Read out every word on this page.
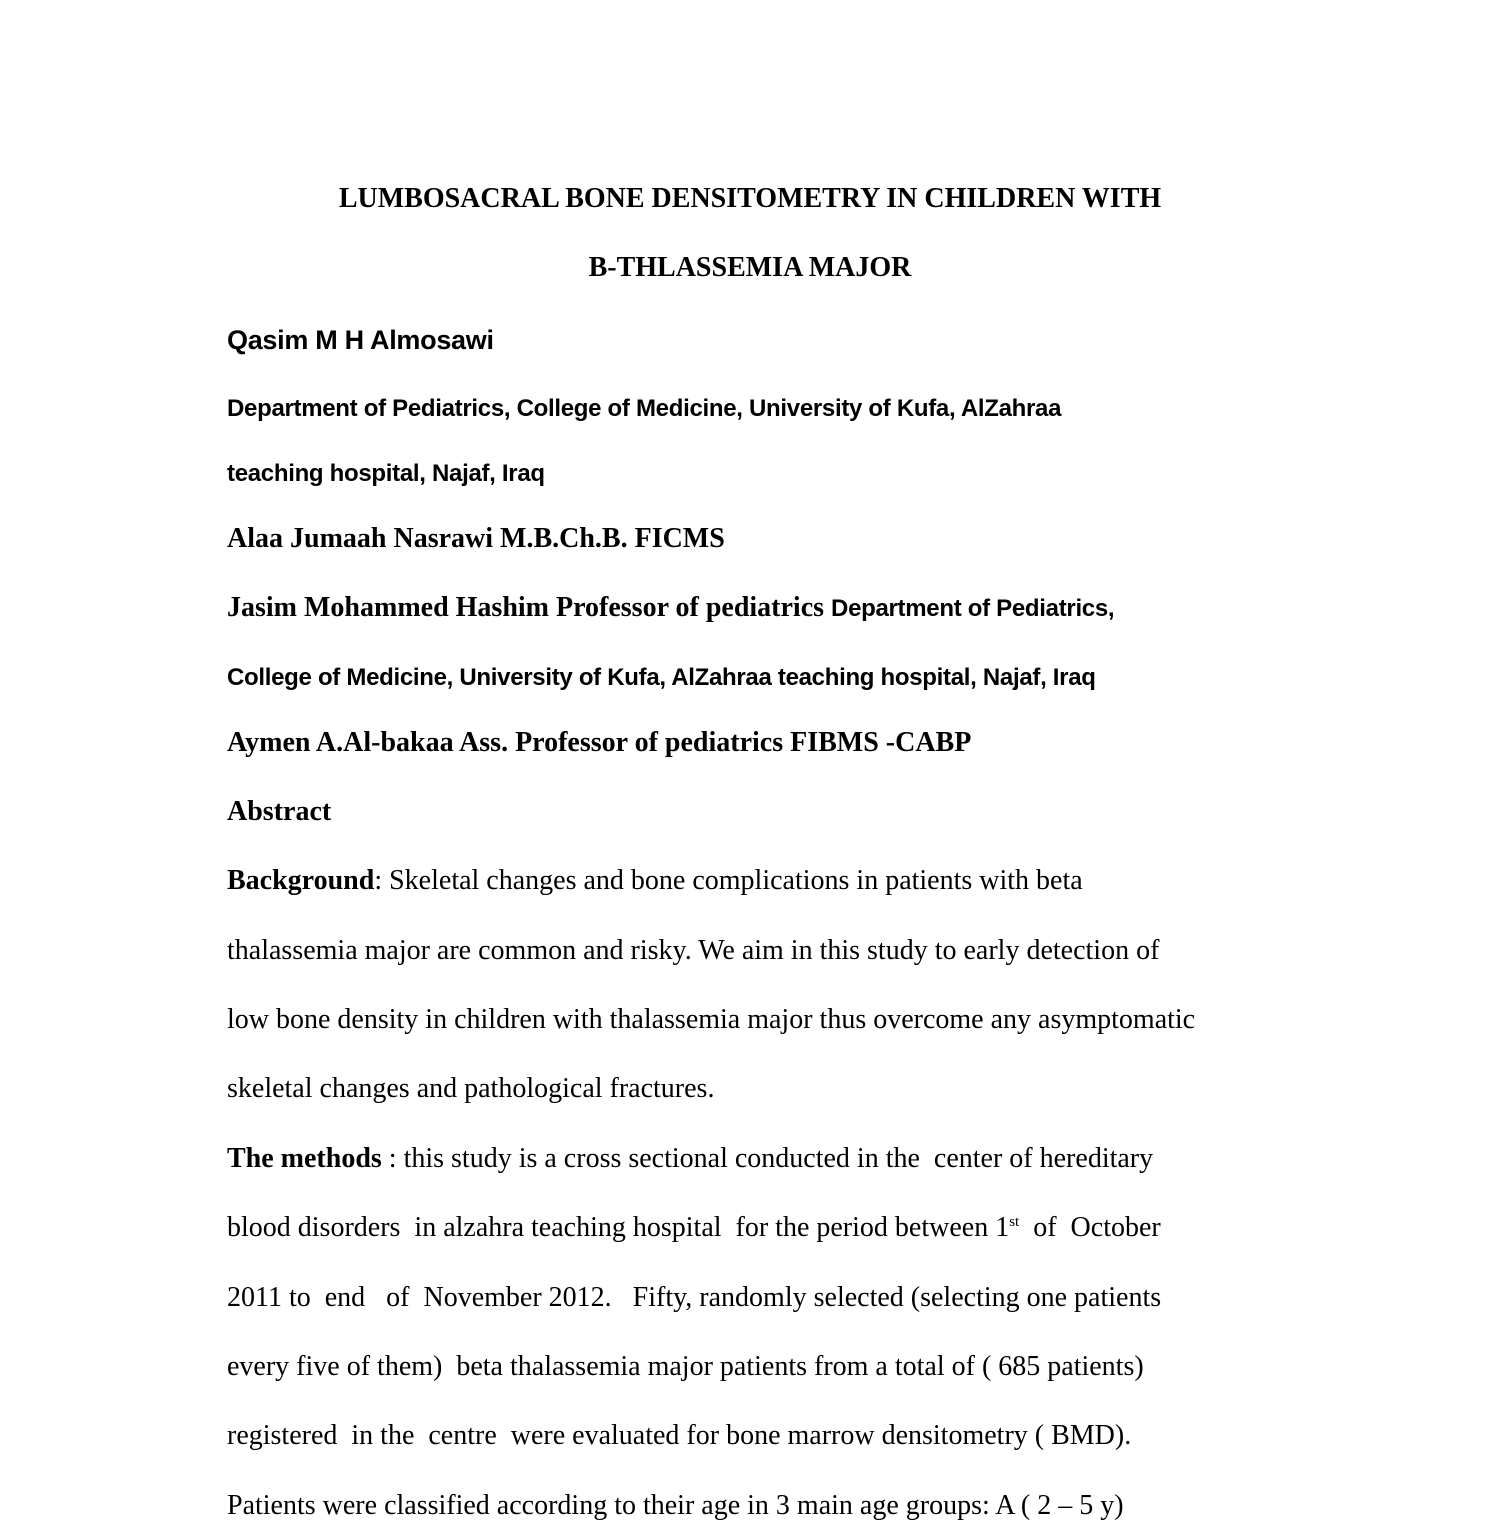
LUMBOSACRAL BONE DENSITOMETRY IN CHILDREN WITH
B-THLASSEMIA MAJOR
Qasim M H Almosawi
Department of Pediatrics, College of Medicine, University of Kufa, AlZahraa
teaching hospital, Najaf, Iraq
Alaa Jumaah Nasrawi M.B.Ch.B. FICMS
Jasim Mohammed Hashim Professor of pediatrics Department of Pediatrics,
College of Medicine, University of Kufa, AlZahraa teaching hospital, Najaf, Iraq
Aymen A.Al-bakaa Ass. Professor of pediatrics FIBMS -CABP
Abstract
Background: Skeletal changes and bone complications in patients with beta
thalassemia major are common and risky. We aim in this study to early detection of
low bone density in children with thalassemia major thus overcome any asymptomatic
skeletal changes and pathological fractures.
The methods : this study is a cross sectional conducted in the  center of hereditary
blood disorders  in alzahra teaching hospital  for the period between 1st  of  October
2011 to  end   of  November 2012.   Fifty, randomly selected (selecting one patients
every five of them)  beta thalassemia major patients from a total of ( 685 patients)
registered  in the  centre  were evaluated for bone marrow densitometry ( BMD).
Patients were classified according to their age in 3 main age groups: A ( 2 – 5 y)
